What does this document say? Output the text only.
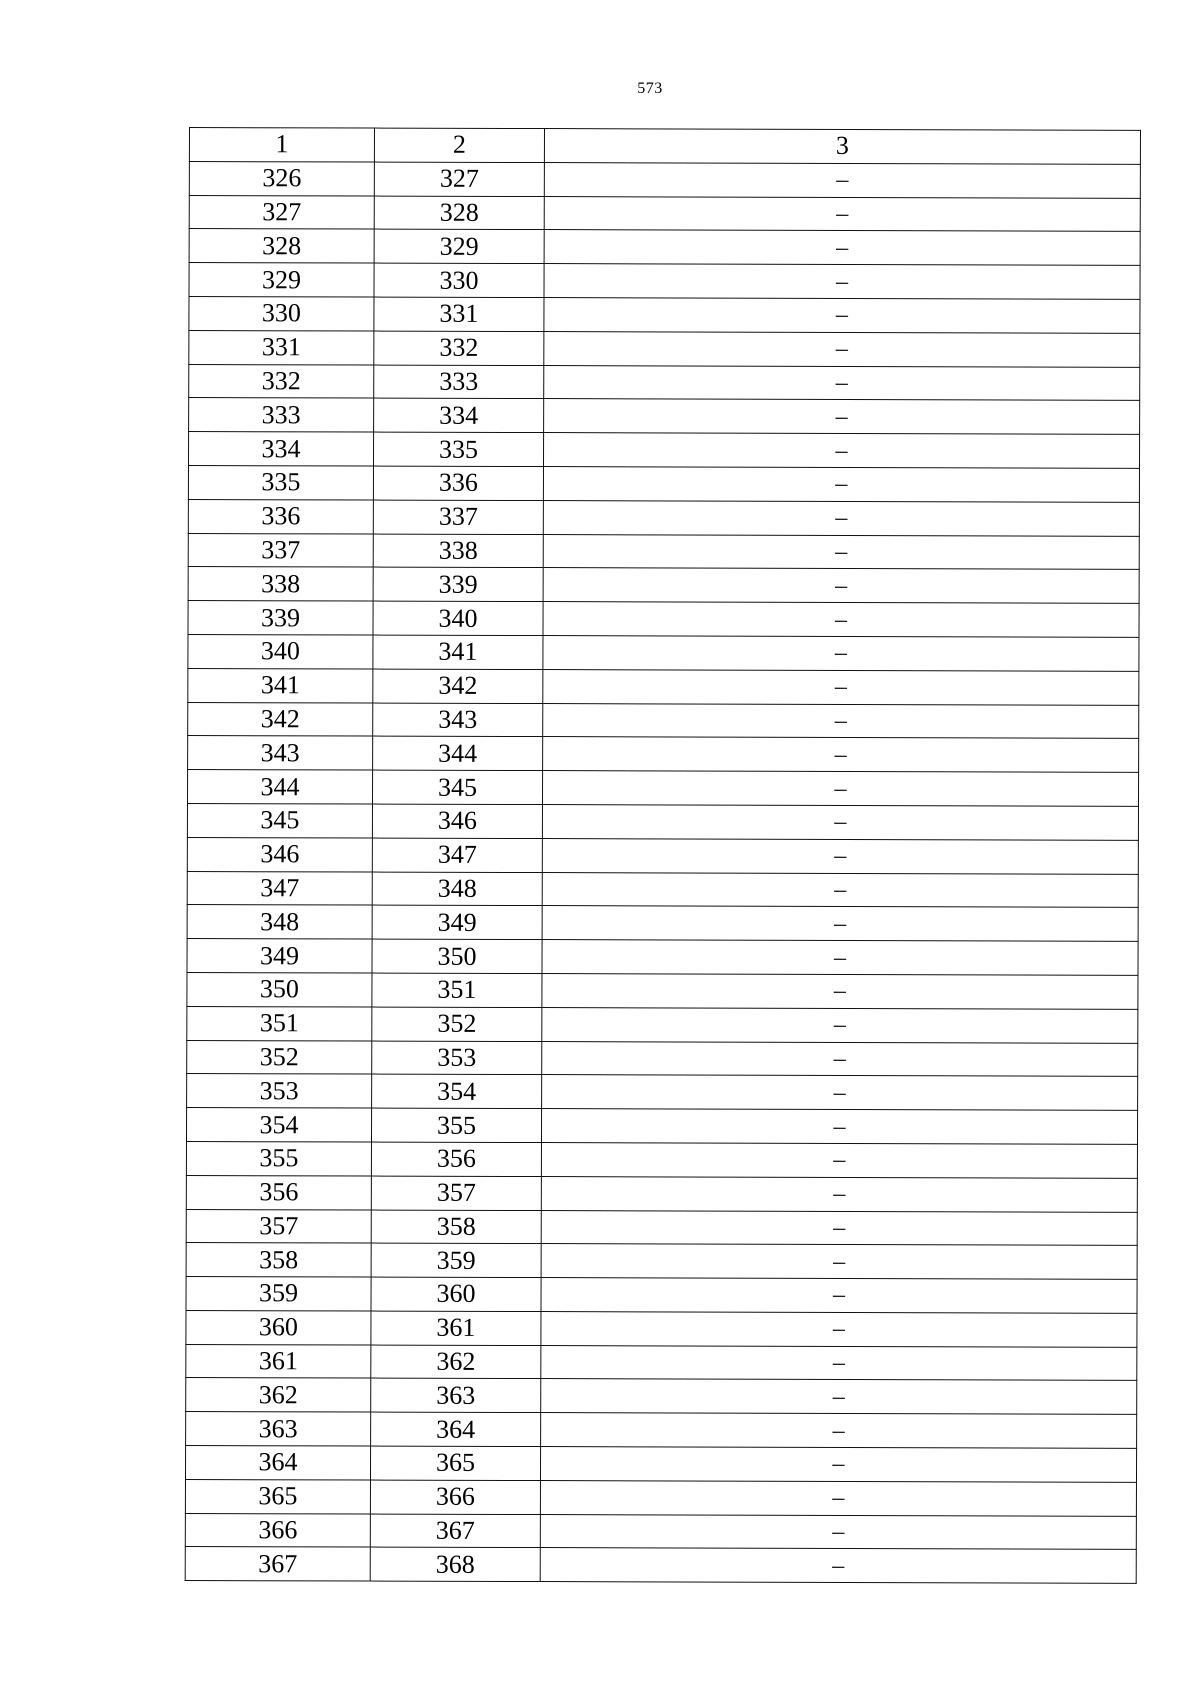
573
1	2	3
326	327	–
327	328	–
328	329	–
329	330	–
330	331	–
331	332	–
332	333	–
333	334	–
334	335	–
335	336	–
336	337	–
337	338	–
338	339	–
339	340	–
340	341	–
341	342	–
342	343	–
343	344	–
344	345	–
345	346	–
346	347	–
347	348	–
348	349	–
349	350	–
350	351	–
351	352	–
352	353	–
353	354	–
354	355	–
355	356	–
356	357	–
357	358	–
358	359	–
359	360	–
360	361	–
361	362	–
362	363	–
363	364	–
364	365	–
365	366	–
366	367	–
367	368	–
